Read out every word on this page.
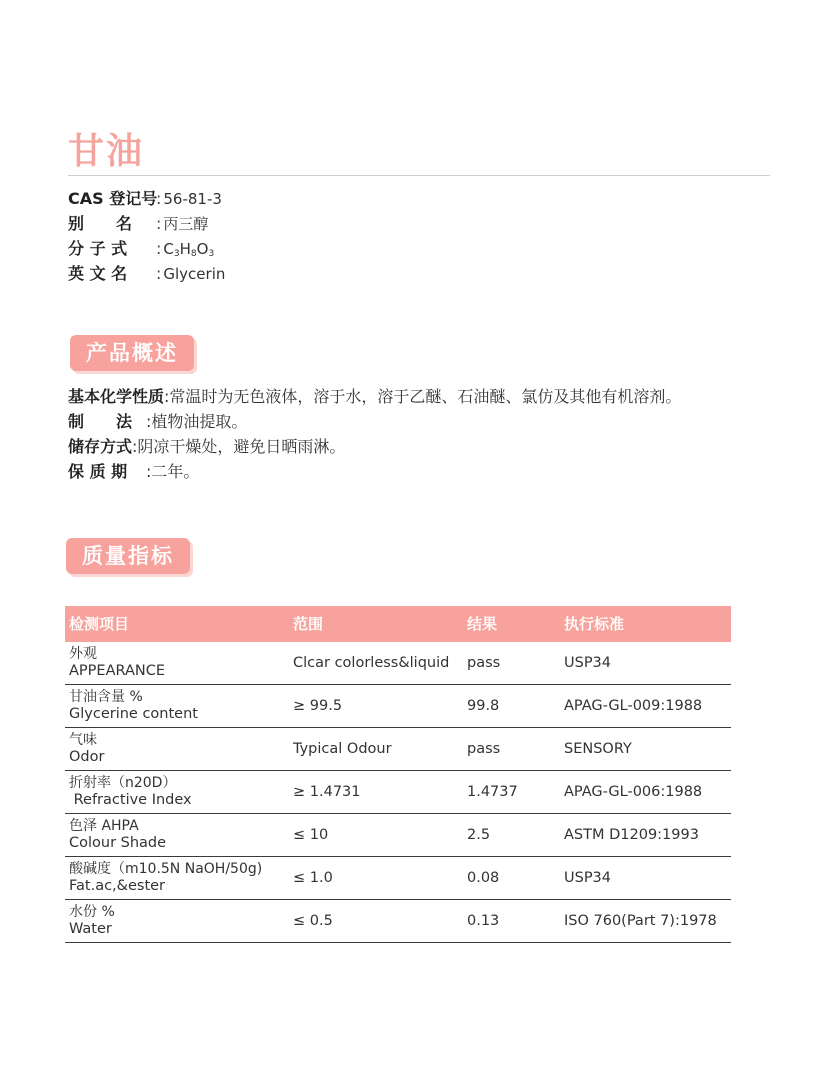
甘油
CAS 登记号: 56-81-3
别　　名 : 丙三醇
分 子 式 : $C_3H_8O_3$
英 文 名 : Glycerin
产品概述
基本化学性质:常温时为无色液体，溶于水，溶于乙醚、石油醚、氯仿及其他有机溶剂。
制　　法 :植物油提取。
储存方式:阴凉干燥处，避免日晒雨淋。
保 质 期 :二年。
质量指标
检测项目	范围	结果	执行标准

外观
APPEARANCE	Clcar colorless&liquid	pass	USP34

甘油含量 %
Glycerine content	≥ 99.5	99.8	APAG-GL-009:1988

气味
Odor	Typical Odour	pass	SENSORY

折射率（n20D）
Refractive Index	≥ 1.4731	1.4737	APAG-GL-006:1988

色泽 AHPA
Colour Shade	≤ 10	2.5	ASTM D1209:1993

酸碱度（m10.5N NaOH/50g)
Fat.ac,&ester	≤ 1.0	0.08	USP34

水份 %
Water	≤ 0.5	0.13	ISO 760(Part 7):1978
